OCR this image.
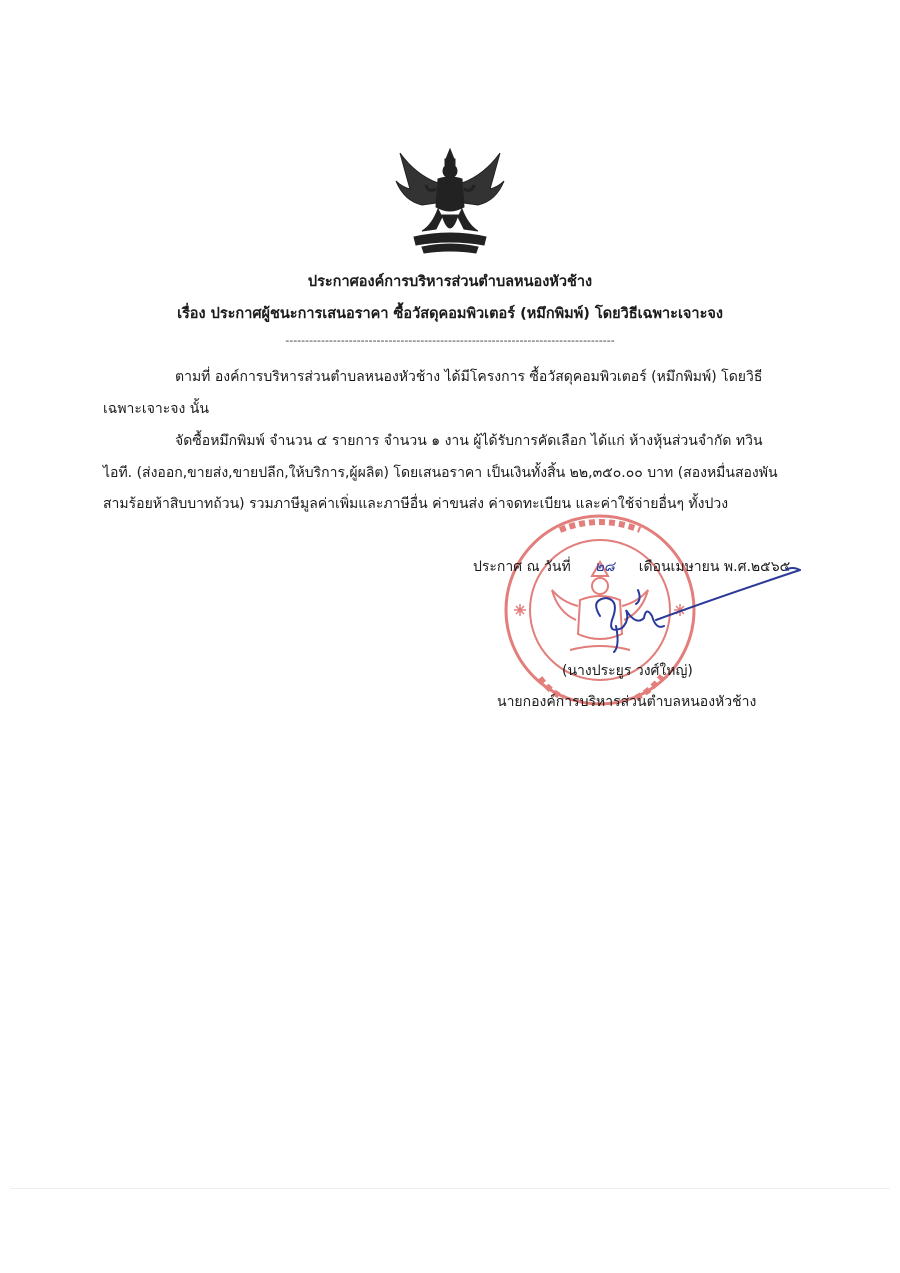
ประกาศองค์การบริหารส่วนตำบลหนองหัวช้าง
เรื่อง ประกาศผู้ชนะการเสนอราคา ซื้อวัสดุคอมพิวเตอร์ (หมึกพิมพ์) โดยวิธีเฉพาะเจาะจง
-----------------------------------------------------------------------------------
ตามที่ องค์การบริหารส่วนตำบลหนองหัวช้าง ได้มีโครงการ ซื้อวัสดุคอมพิวเตอร์ (หมึกพิมพ์) โดยวิธี
เฉพาะเจาะจง นั้น
จัดซื้อหมึกพิมพ์ จำนวน ๔ รายการ จำนวน ๑ งาน ผู้ได้รับการคัดเลือก ได้แก่ ห้างหุ้นส่วนจำกัด ทวิน
ไอที. (ส่งออก,ขายส่ง,ขายปลีก,ให้บริการ,ผู้ผลิต) โดยเสนอราคา เป็นเงินทั้งสิ้น ๒๒,๓๕๐.๐๐ บาท (สองหมื่นสองพัน
สามร้อยห้าสิบบาทถ้วน) รวมภาษีมูลค่าเพิ่มและภาษีอื่น ค่าขนส่ง ค่าจดทะเบียน และค่าใช้จ่ายอื่นๆ ทั้งปวง
ประกาศ ณ วันที่ ๒๘ เดือนเมษายน พ.ศ.๒๕๖๕
(นางประยูร วงศ์ใหญ่)
นายกองค์การบริหารส่วนตำบลหนองหัวช้าง
